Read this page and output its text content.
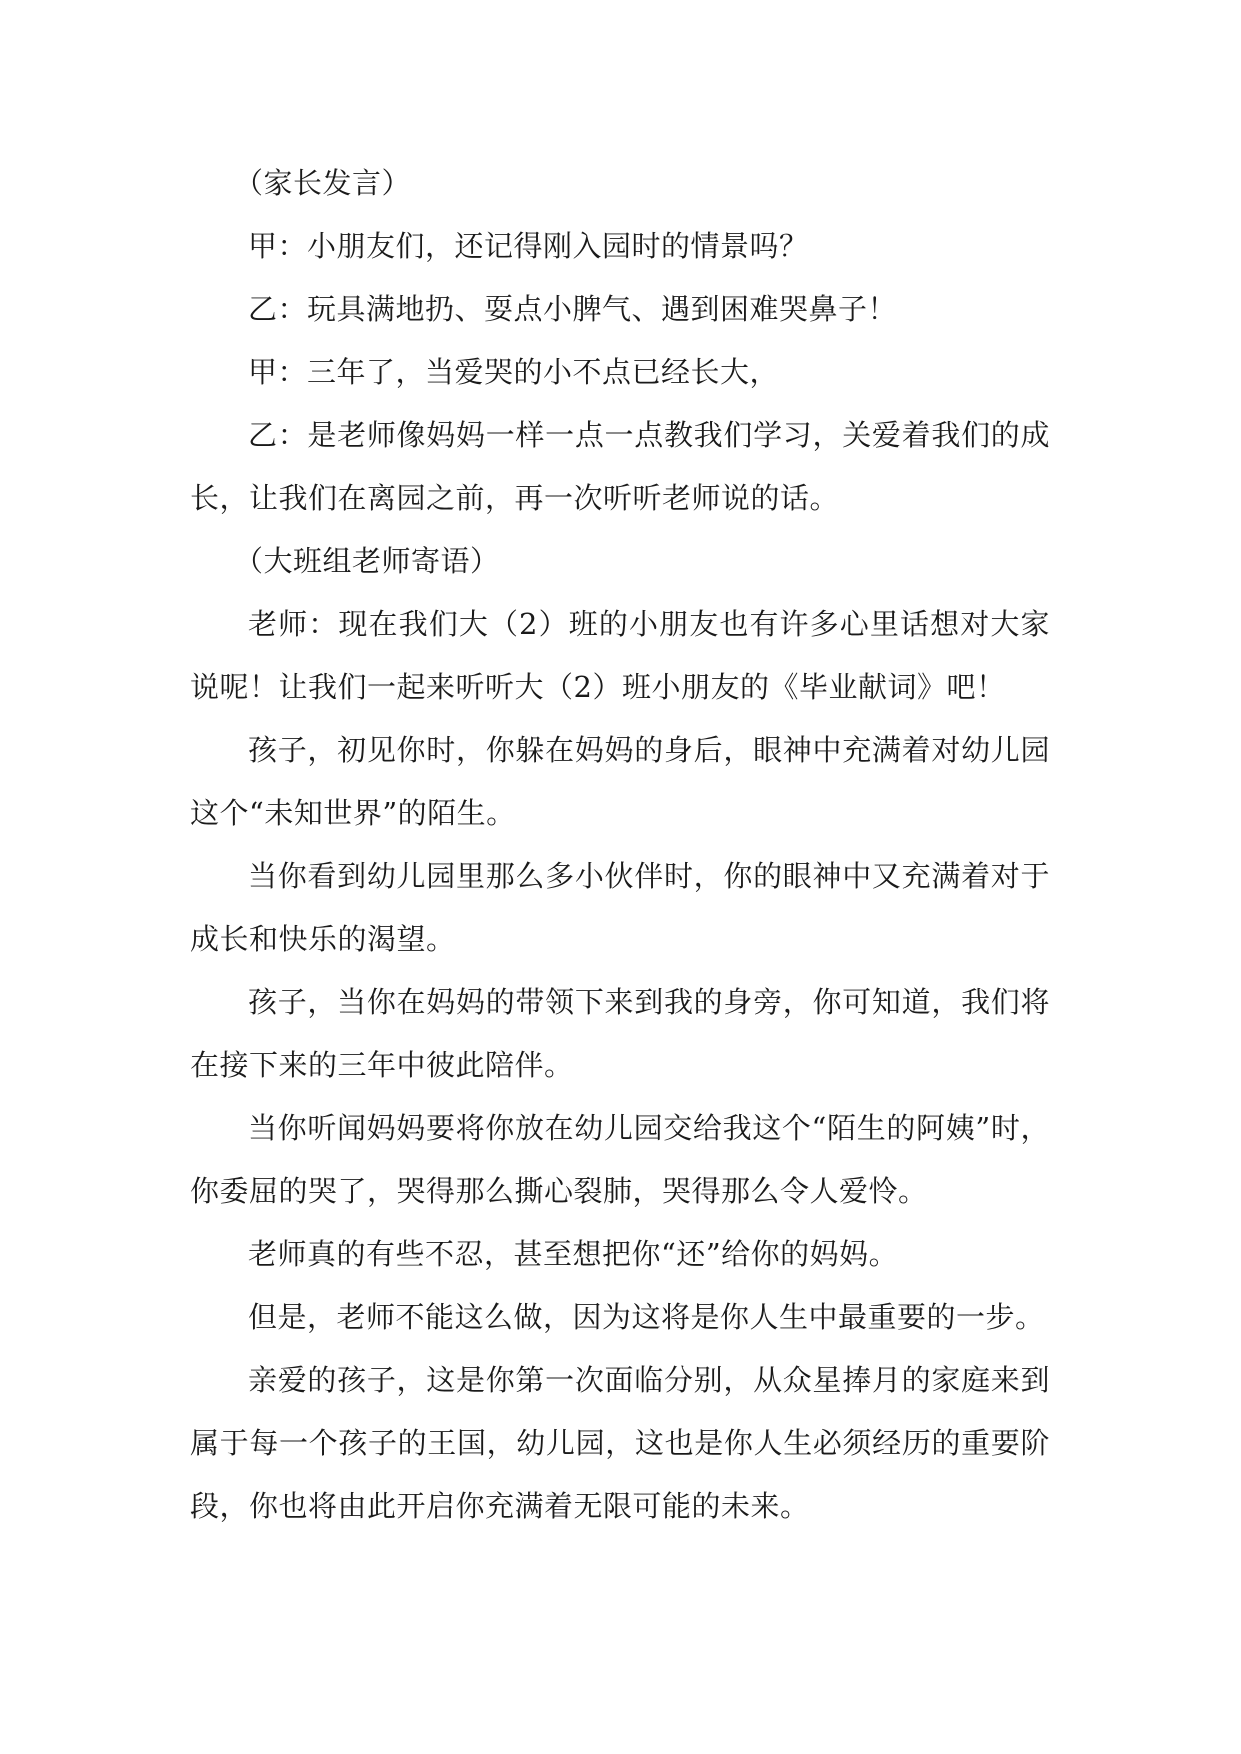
（家长发言）

甲：小朋友们，还记得刚入园时的情景吗？

乙：玩具满地扔、耍点小脾气、遇到困难哭鼻子！

甲：三年了，当爱哭的小不点已经长大，

乙：是老师像妈妈一样一点一点教我们学习，关爱着我们的成长，让我们在离园之前，再一次听听老师说的话。

（大班组老师寄语）

老师：现在我们大（2）班的小朋友也有许多心里话想对大家说呢！让我们一起来听听大（2）班小朋友的《毕业献词》吧！

孩子，初见你时，你躲在妈妈的身后，眼神中充满着对幼儿园这个“未知世界”的陌生。

当你看到幼儿园里那么多小伙伴时，你的眼神中又充满着对于成长和快乐的渴望。

孩子，当你在妈妈的带领下来到我的身旁，你可知道，我们将在接下来的三年中彼此陪伴。

当你听闻妈妈要将你放在幼儿园交给我这个“陌生的阿姨”时，你委屈的哭了，哭得那么撕心裂肺，哭得那么令人爱怜。

老师真的有些不忍，甚至想把你“还”给你的妈妈。

但是，老师不能这么做，因为这将是你人生中最重要的一步。

亲爱的孩子，这是你第一次面临分别，从众星捧月的家庭来到属于每一个孩子的王国，幼儿园，这也是你人生必须经历的重要阶段，你也将由此开启你充满着无限可能的未来。
